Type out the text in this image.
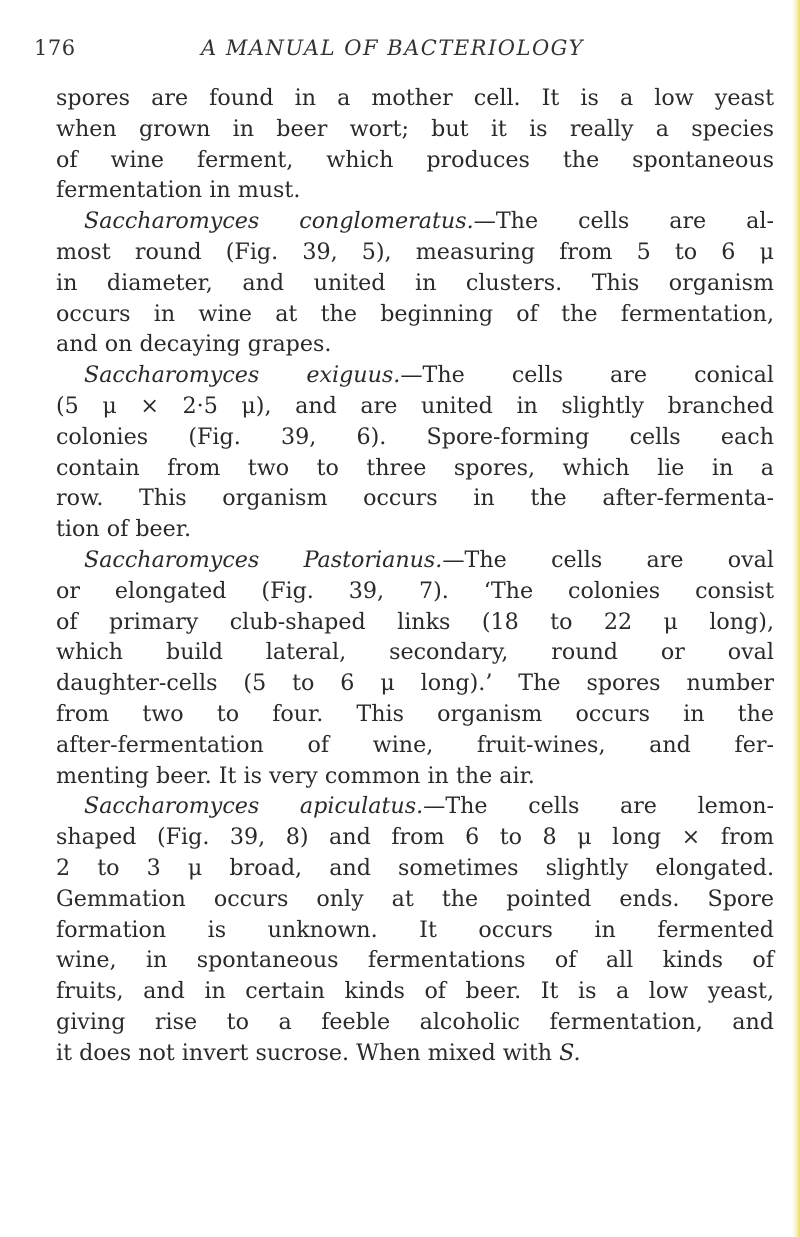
176	A MANUAL OF BACTERIOLOGY
spores are found in a mother cell. It is a low yeast
when grown in beer wort; but it is really a species
of wine ferment, which produces the spontaneous
fermentation in must.
Saccharomyces conglomeratus.—The cells are al-
most round (Fig. 39, 5), measuring from 5 to 6 μ
in diameter, and united in clusters. This organism
occurs in wine at the beginning of the fermentation,
and on decaying grapes.
Saccharomyces exiguus.—The cells are conical
(5 μ × 2·5 μ), and are united in slightly branched
colonies (Fig. 39, 6). Spore-forming cells each
contain from two to three spores, which lie in a
row. This organism occurs in the after-fermenta-
tion of beer.
Saccharomyces Pastorianus.—The cells are oval
or elongated (Fig. 39, 7). ‘The colonies consist
of primary club-shaped links (18 to 22 μ long),
which build lateral, secondary, round or oval
daughter-cells (5 to 6 μ long).’ The spores number
from two to four. This organism occurs in the
after-fermentation of wine, fruit-wines, and fer-
menting beer. It is very common in the air.
Saccharomyces apiculatus.—The cells are lemon-
shaped (Fig. 39, 8) and from 6 to 8 μ long × from
2 to 3 μ broad, and sometimes slightly elongated.
Gemmation occurs only at the pointed ends. Spore
formation is unknown. It occurs in fermented
wine, in spontaneous fermentations of all kinds of
fruits, and in certain kinds of beer. It is a low yeast,
giving rise to a feeble alcoholic fermentation, and
it does not invert sucrose. When mixed with S.
